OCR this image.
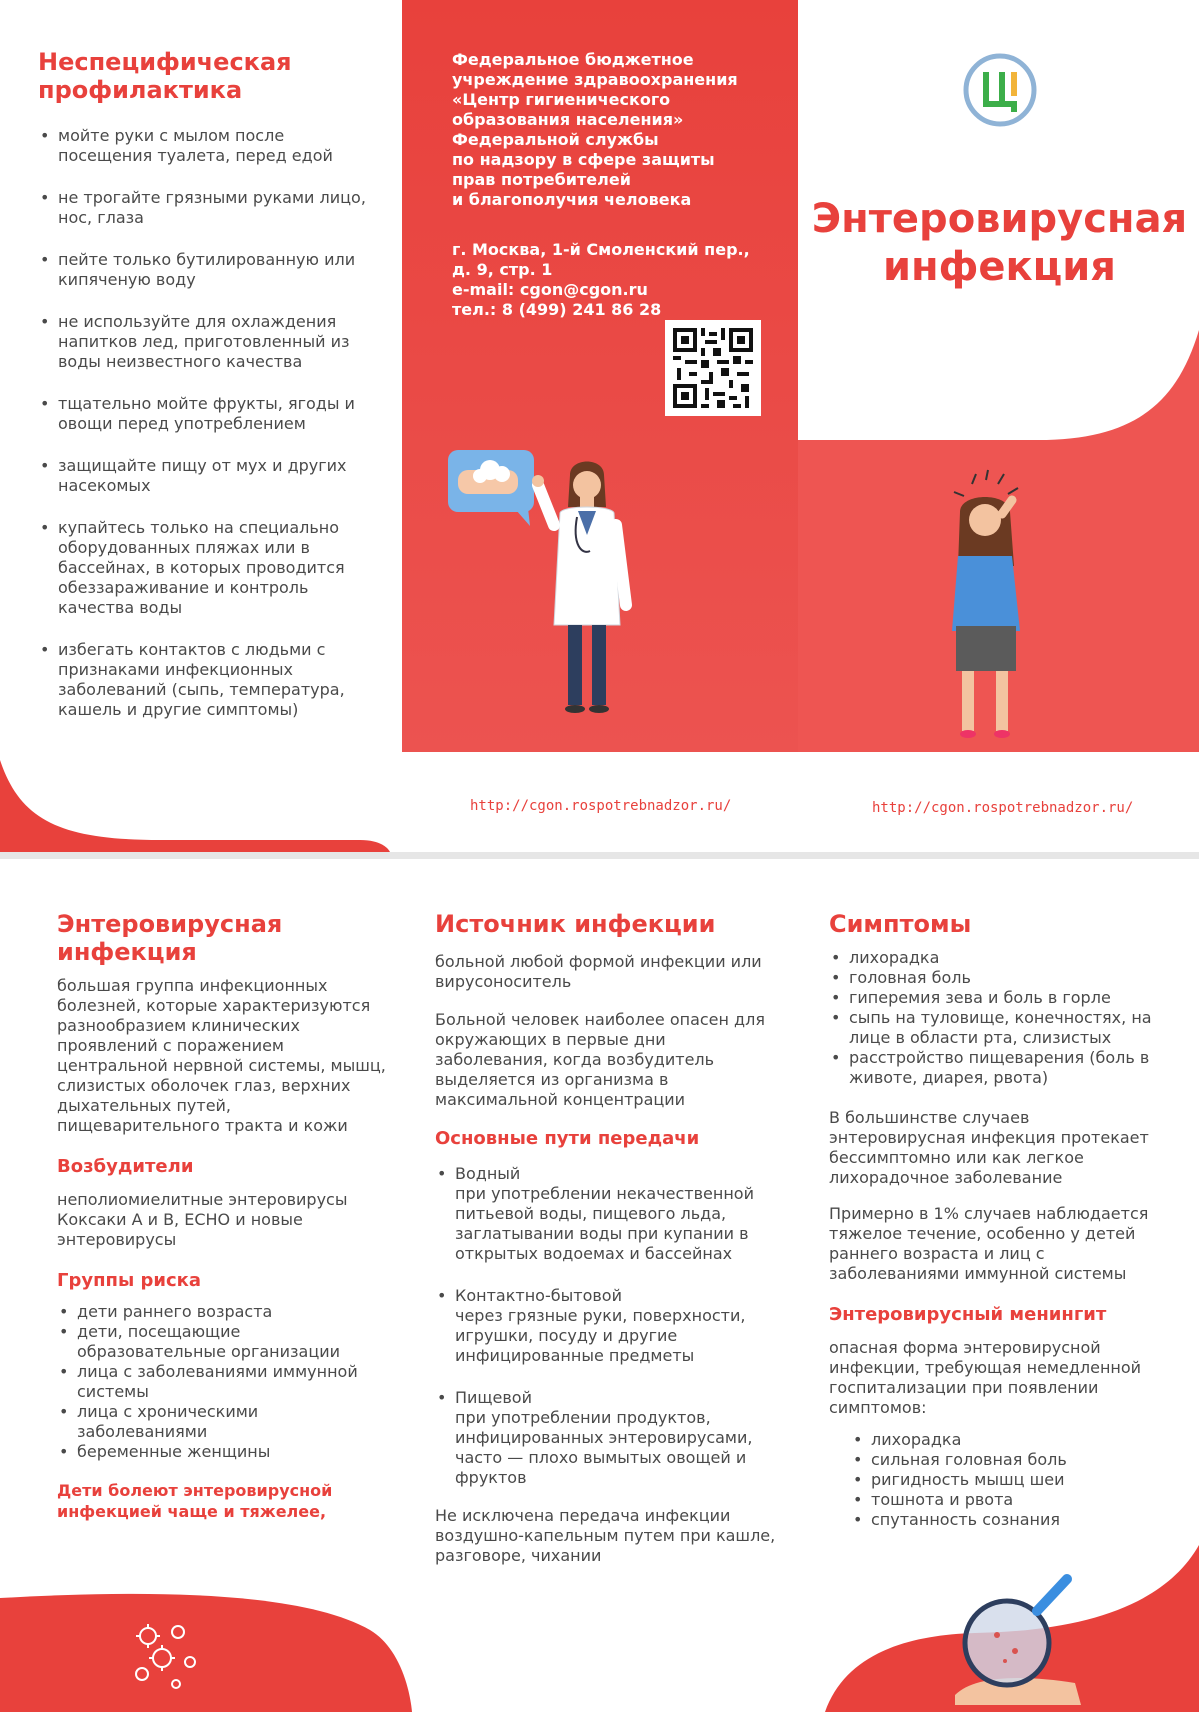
Неспецифическая профилактика
• мойте руки с мылом после посещения туалета, перед едой
• не трогайте грязными руками лицо, нос, глаза
• пейте только бутилированную или кипяченую воду
• не используйте для охлаждения напитков лед, приготовленный из воды неизвестного качества
• тщательно мойте фрукты, ягоды и овощи перед употреблением
• защищайте пищу от мух и других насекомых
• купайтесь только на специально оборудованных пляжах или в бассейнах, в которых проводится обеззараживание и контроль качества воды
• избегать контактов с людьми с признаками инфекционных заболеваний (сыпь, температура, кашель и другие симптомы)
Федеральное бюджетное
учреждение здравоохранения
«Центр гигиенического
образования населения»
Федеральной службы
по надзору в сфере защиты
прав потребителей
и благополучия человека
г. Москва, 1-й Смоленский пер.,
д. 9, стр. 1
e-mail: cgon@cgon.ru
тел.: 8 (499) 241 86 28
Энтеровирусная
инфекция
http://cgon.rospotrebnadzor.ru/	http://cgon.rospotrebnadzor.ru/
Энтеровирусная инфекция
большая группа инфекционных болезней, которые характеризуются разнообразием клинических проявлений с поражением центральной нервной системы, мышц, слизистых оболочек глаз, верхних дыхательных путей, пищеварительного тракта и кожи
Возбудители
неполиомиелитные энтеровирусы Коксаки А и В, ЕСНО и новые энтеровирусы
Группы риска
• дети раннего возраста
• дети, посещающие образовательные организации
• лица с заболеваниями иммунной системы
• лица с хроническими заболеваниями
• беременные женщины
Дети болеют энтеровирусной инфекцией чаще и тяжелее,
Источник инфекции
больной любой формой инфекции или вирусоноситель
Больной человек наиболее опасен для окружающих в первые дни заболевания, когда возбудитель выделяется из организма в максимальной концентрации
Основные пути передачи
• Водный
при употреблении некачественной питьевой воды, пищевого льда, заглатывании воды при купании в открытых водоемах и бассейнах
• Контактно-бытовой
через грязные руки, поверхности, игрушки, посуду и другие инфицированные предметы
• Пищевой
при употреблении продуктов, инфицированных энтеровирусами, часто — плохо вымытых овощей и фруктов
Не исключена передача инфекции воздушно-капельным путем при кашле, разговоре, чихании
Симптомы
• лихорадка
• головная боль
• гиперемия зева и боль в горле
• сыпь на туловище, конечностях, на лице в области рта, слизистых
• расстройство пищеварения (боль в животе, диарея, рвота)
В большинстве случаев энтеровирусная инфекция протекает бессимптомно или как легкое лихорадочное заболевание
Примерно в 1% случаев наблюдается тяжелое течение, особенно у детей раннего возраста и лиц с заболеваниями иммунной системы
Энтеровирусный менингит
опасная форма энтеровирусной инфекции, требующая немедленной госпитализации при появлении симптомов:
• лихорадка
• сильная головная боль
• ригидность мышц шеи
• тошнота и рвота
• спутанность сознания
